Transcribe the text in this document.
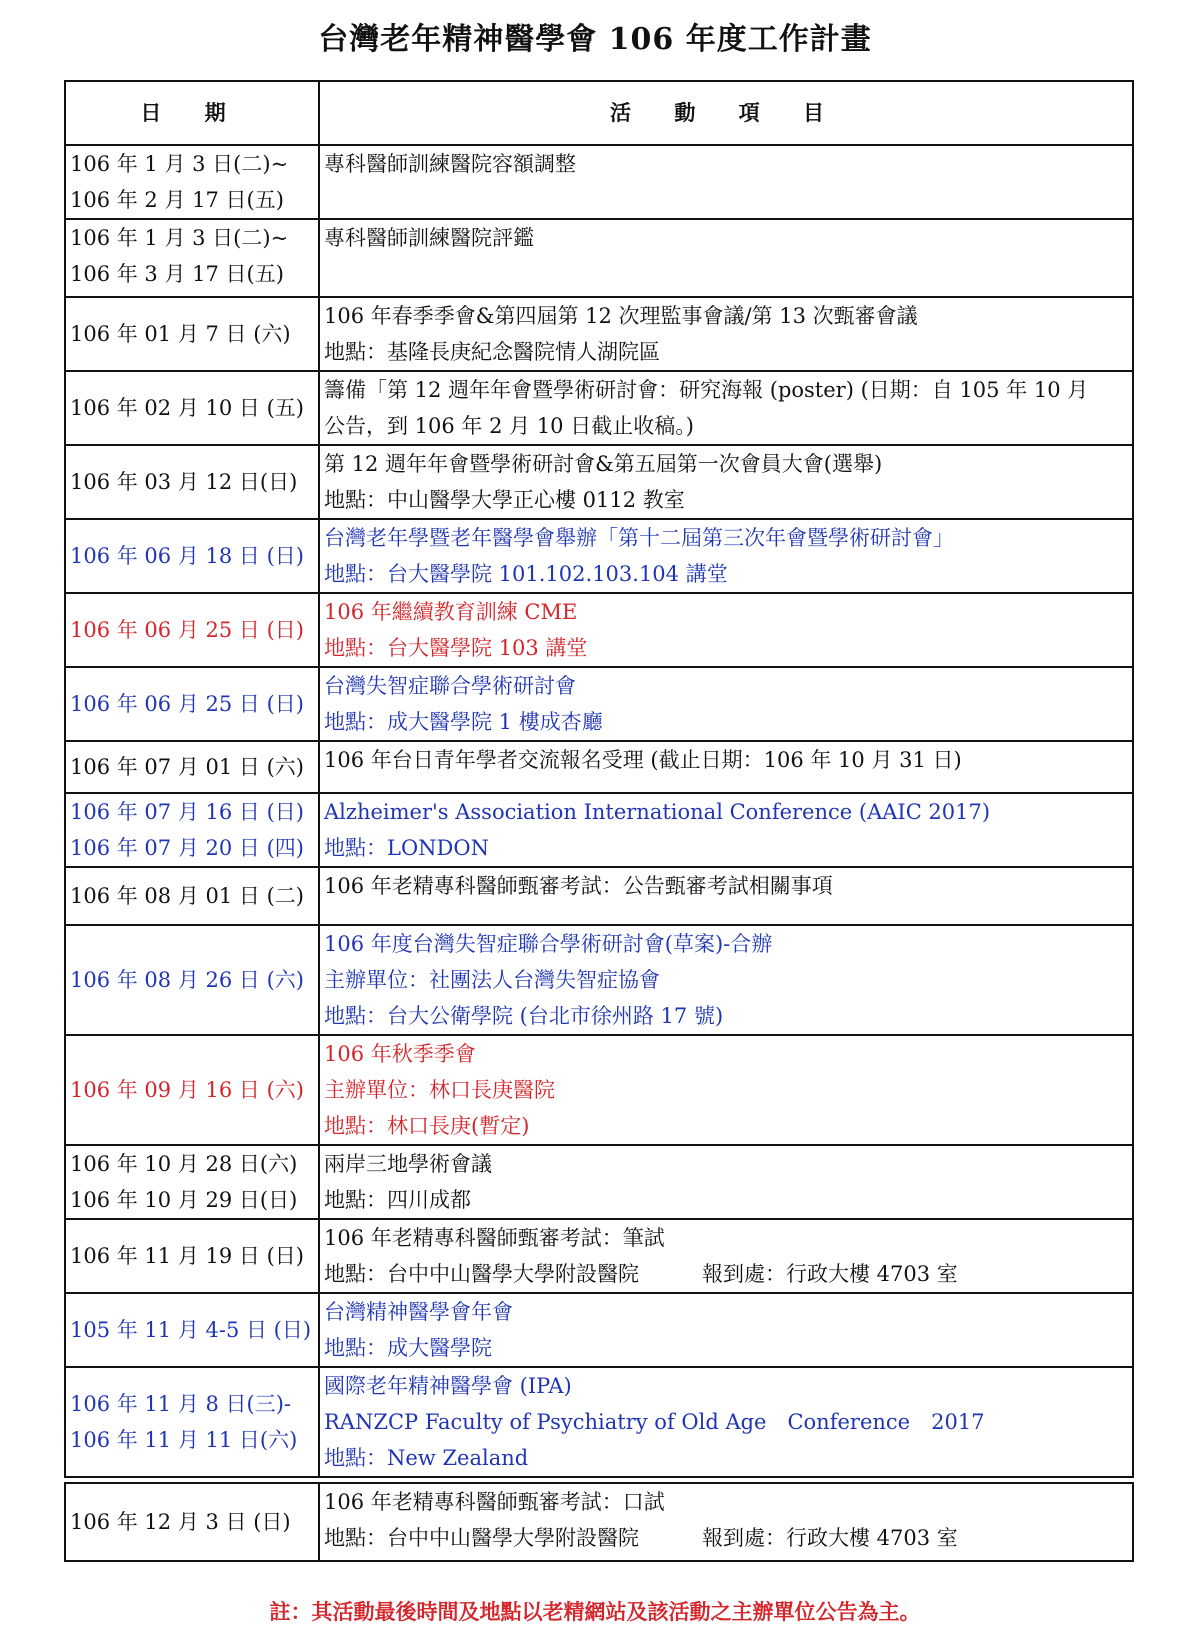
台灣老年精神醫學會 106 年度工作計畫
日 期	活 動 項 目

106 年 1 月 3 日(二)~
106 年 2 月 17 日(五)	專科醫師訓練醫院容額調整

106 年 1 月 3 日(二)~
106 年 3 月 17 日(五)	專科醫師訓練醫院評鑑

106 年 01 月 7 日 (六)	106 年春季季會&第四屆第 12 次理監事會議/第 13 次甄審會議
地點：基隆長庚紀念醫院情人湖院區

106 年 02 月 10 日 (五)	籌備「第 12 週年年會暨學術研討會：研究海報 (poster) (日期：自 105 年 10 月
公告，到 106 年 2 月 10 日截止收稿。)

106 年 03 月 12 日(日)	第 12 週年年會暨學術研討會&第五屆第一次會員大會(選舉)
地點：中山醫學大學正心樓 0112 教室

106 年 06 月 18 日 (日)	台灣老年學暨老年醫學會舉辦「第十二屆第三次年會暨學術研討會」
地點：台大醫學院 101.102.103.104 講堂

106 年 06 月 25 日 (日)	106 年繼續教育訓練 CME
地點：台大醫學院 103 講堂

106 年 06 月 25 日 (日)	台灣失智症聯合學術研討會
地點：成大醫學院 1 樓成杏廳

106 年 07 月 01 日 (六)	106 年台日青年學者交流報名受理 (截止日期：106 年 10 月 31 日)

106 年 07 月 16 日 (日)
106 年 07 月 20 日 (四)	Alzheimer's Association International Conference (AAIC 2017)
地點：LONDON

106 年 08 月 01 日 (二)	106 年老精專科醫師甄審考試：公告甄審考試相關事項

106 年 08 月 26 日 (六)	106 年度台灣失智症聯合學術研討會(草案)-合辦
主辦單位：社團法人台灣失智症協會
地點：台大公衛學院 (台北市徐州路 17 號)

106 年 09 月 16 日 (六)	106 年秋季季會
主辦單位：林口長庚醫院
地點：林口長庚(暫定)

106 年 10 月 28 日(六)
106 年 10 月 29 日(日)	兩岸三地學術會議
地點：四川成都

106 年 11 月 19 日 (日)	106 年老精專科醫師甄審考試：筆試
地點：台中中山醫學大學附設醫院　　　報到處：行政大樓 4703 室

105 年 11 月 4-5 日 (日)	台灣精神醫學會年會
地點：成大醫學院

106 年 11 月 8 日(三)-
106 年 11 月 11 日(六)	國際老年精神醫學會 (IPA)
RANZCP Faculty of Psychiatry of Old Age　Conference　2017
地點：New Zealand

106 年 12 月 3 日 (日)	106 年老精專科醫師甄審考試：口試
地點：台中中山醫學大學附設醫院　　　報到處：行政大樓 4703 室
註：其活動最後時間及地點以老精網站及該活動之主辦單位公告為主。
